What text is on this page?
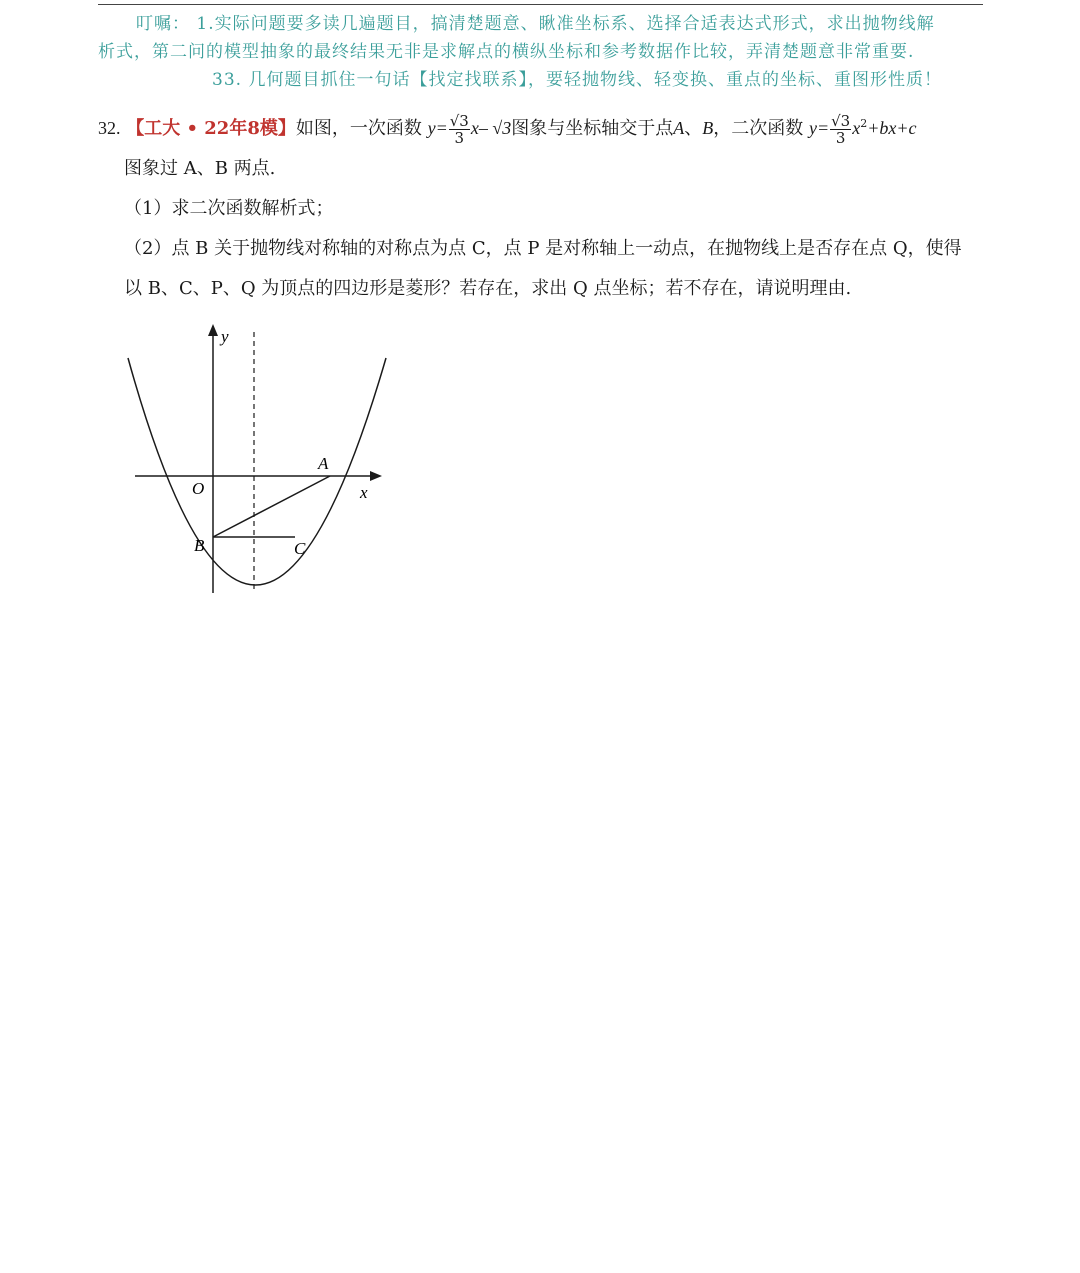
叮嘱： 1.实际问题要多读几遍题目，搞清楚题意、瞅准坐标系、选择合适表达式形式，求出抛物线解

析式，第二问的模型抽象的最终结果无非是求解点的横纵坐标和参考数据作比较，弄清楚题意非常重要.

33. 几何题目抓住一句话【找定找联系】，要轻抛物线、轻变换、重点的坐标、重图形性质！

32. 【工大 • 22年8模】如图，一次函数 $y= \frac{√3}{3} x-$ √3图象与坐标轴交于点A、B，二次函数 $y= \frac{√3}{3} x^2+bx+c$
图象过 A、B 两点.
（1）求二次函数解析式；
（2）点 B 关于抛物线对称轴的对称点为点 C，点 P 是对称轴上一动点，在抛物线上是否存在点 Q，使得
以 B、C、P、Q 为顶点的四边形是菱形？若存在，求出 Q 点坐标；若不存在，请说明理由.
y
x
O
A
B	C
